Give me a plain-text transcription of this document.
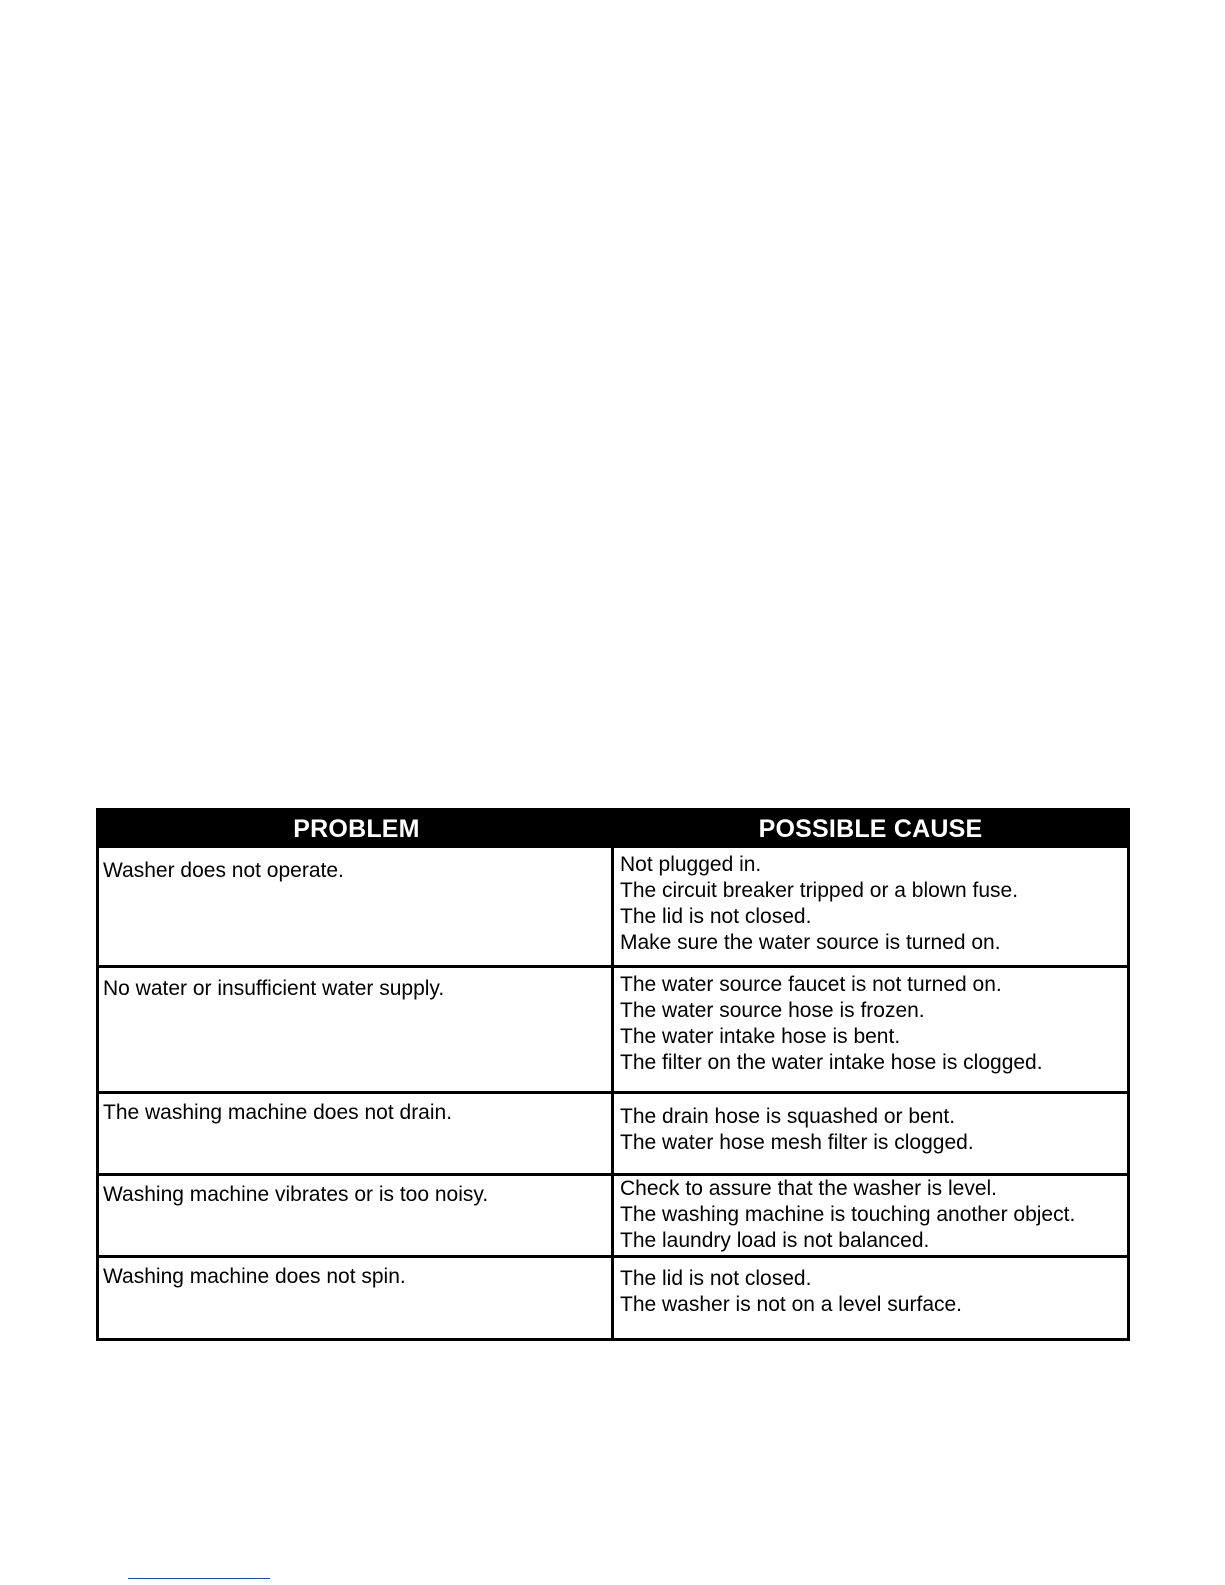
PROBLEM	POSSIBLE CAUSE
Washer does not operate.	Not plugged in.
The circuit breaker tripped or a blown fuse.
The lid is not closed.
Make sure the water source is turned on.
No water or insufficient water supply.	The water source faucet is not turned on.
The water source hose is frozen.
The water intake hose is bent.
The filter on the water intake hose is clogged.
The washing machine does not drain.	The drain hose is squashed or bent.
The water hose mesh filter is clogged.
Washing machine vibrates or is too noisy.	Check to assure that the washer is level.
The washing machine is touching another object.
The laundry load is not balanced.
Washing machine does not spin.	The lid is not closed.
The washer is not on a level surface.
